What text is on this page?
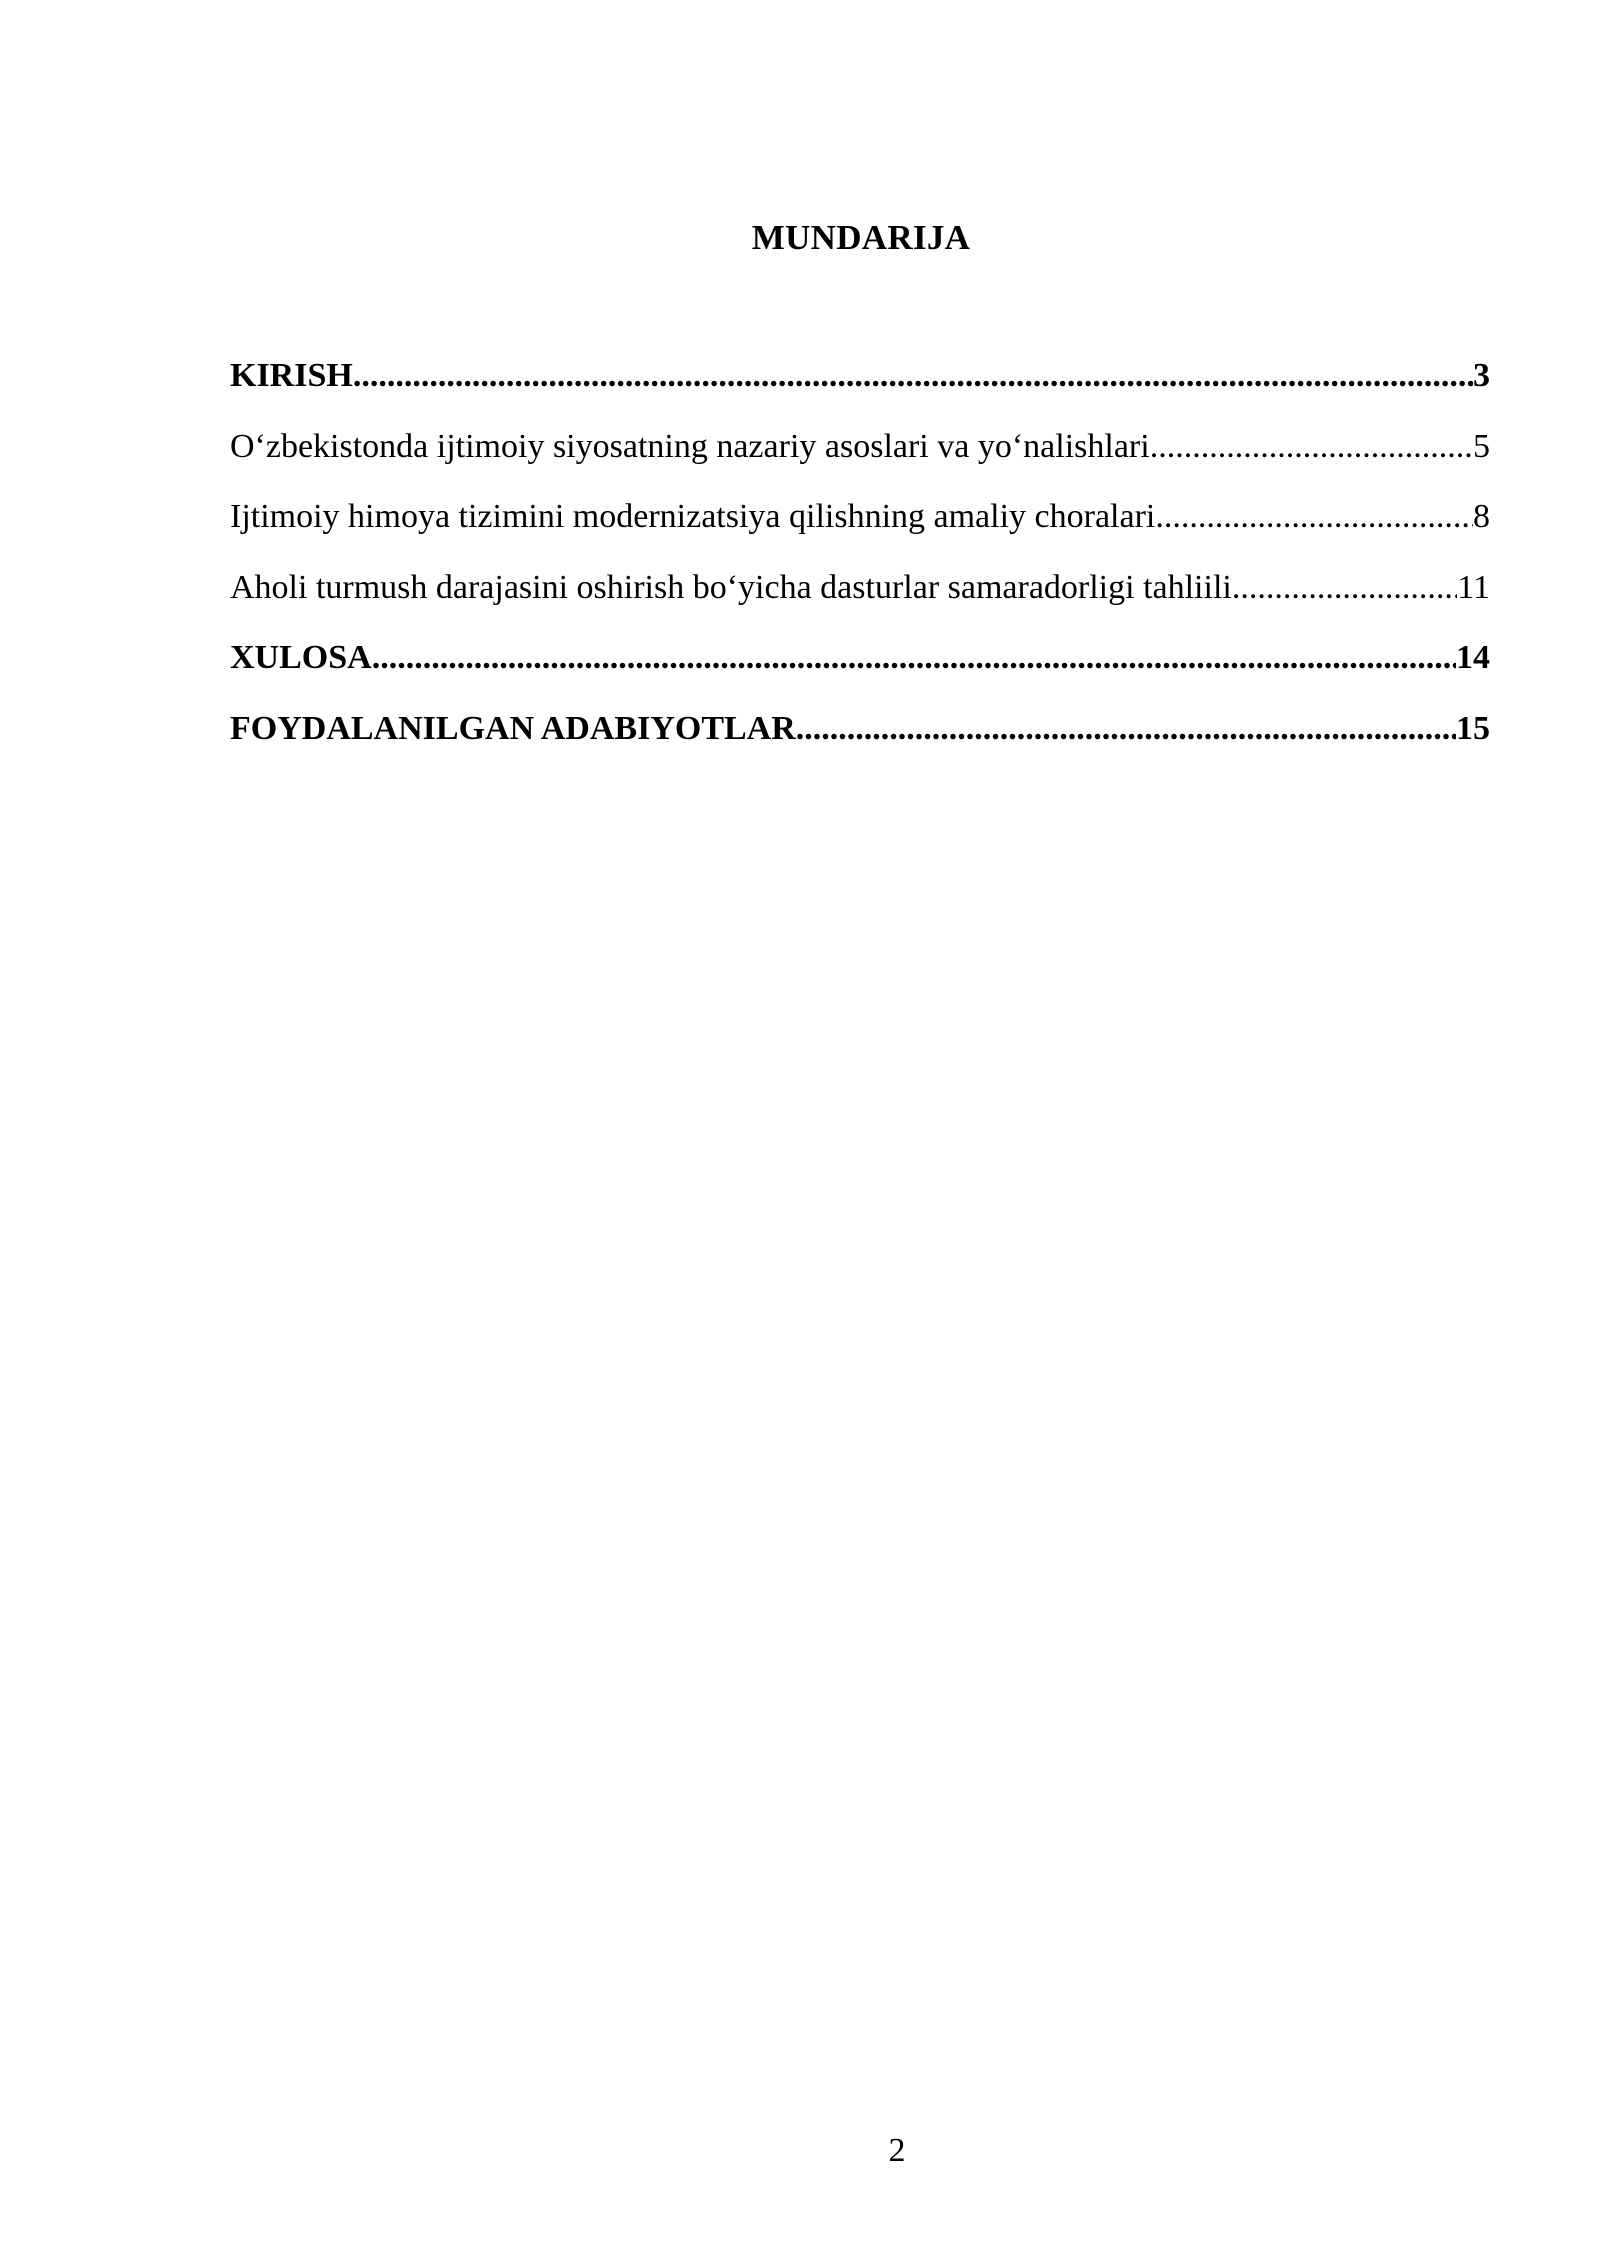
MUNDARIJA
KIRISH .....	3
O‘zbekistonda ijtimoiy siyosatning nazariy asoslari va yo‘nalishlari .....	5
Ijtimoiy himoya tizimini modernizatsiya qilishning amaliy choralari .....	8
Aholi turmush darajasini oshirish bo‘yicha dasturlar samaradorligi tahliili .....	11
XULOSA .....	14
FOYDALANILGAN ADABIYOTLAR .....	15
2
